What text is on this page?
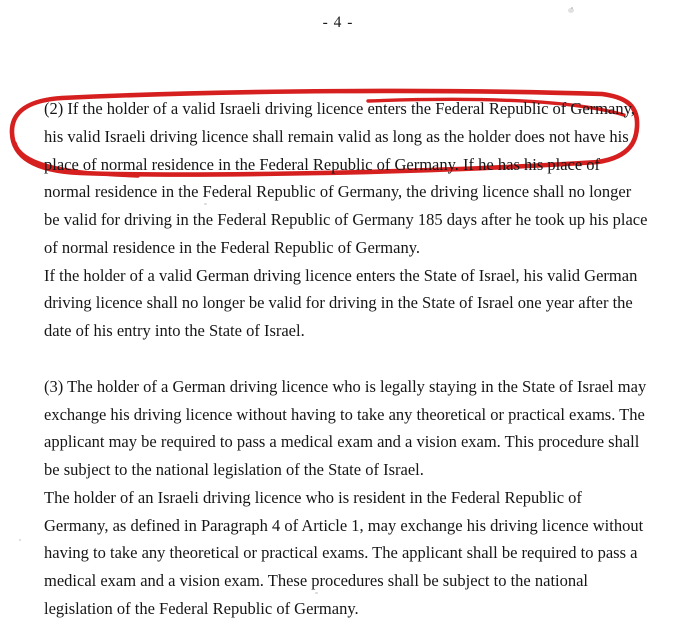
- 4 -
(2) If the holder of a valid Israeli driving licence enters the Federal Republic of Germany,
his valid Israeli driving licence shall remain valid as long as the holder does not have his
place of normal residence in the Federal Republic of Germany. If he has his place of
normal residence in the Federal Republic of Germany, the driving licence shall no longer
be valid for driving in the Federal Republic of Germany 185 days after he took up his place
of normal residence in the Federal Republic of Germany.
If the holder of a valid German driving licence enters the State of Israel, his valid German
driving licence shall no longer be valid for driving in the State of Israel one year after the
date of his entry into the State of Israel.
(3) The holder of a German driving licence who is legally staying in the State of Israel may
exchange his driving licence without having to take any theoretical or practical exams. The
applicant may be required to pass a medical exam and a vision exam. This procedure shall
be subject to the national legislation of the State of Israel.
The holder of an Israeli driving licence who is resident in the Federal Republic of
Germany, as defined in Paragraph 4 of Article 1, may exchange his driving licence without
having to take any theoretical or practical exams. The applicant shall be required to pass a
medical exam and a vision exam. These procedures shall be subject to the national
legislation of the Federal Republic of Germany.
